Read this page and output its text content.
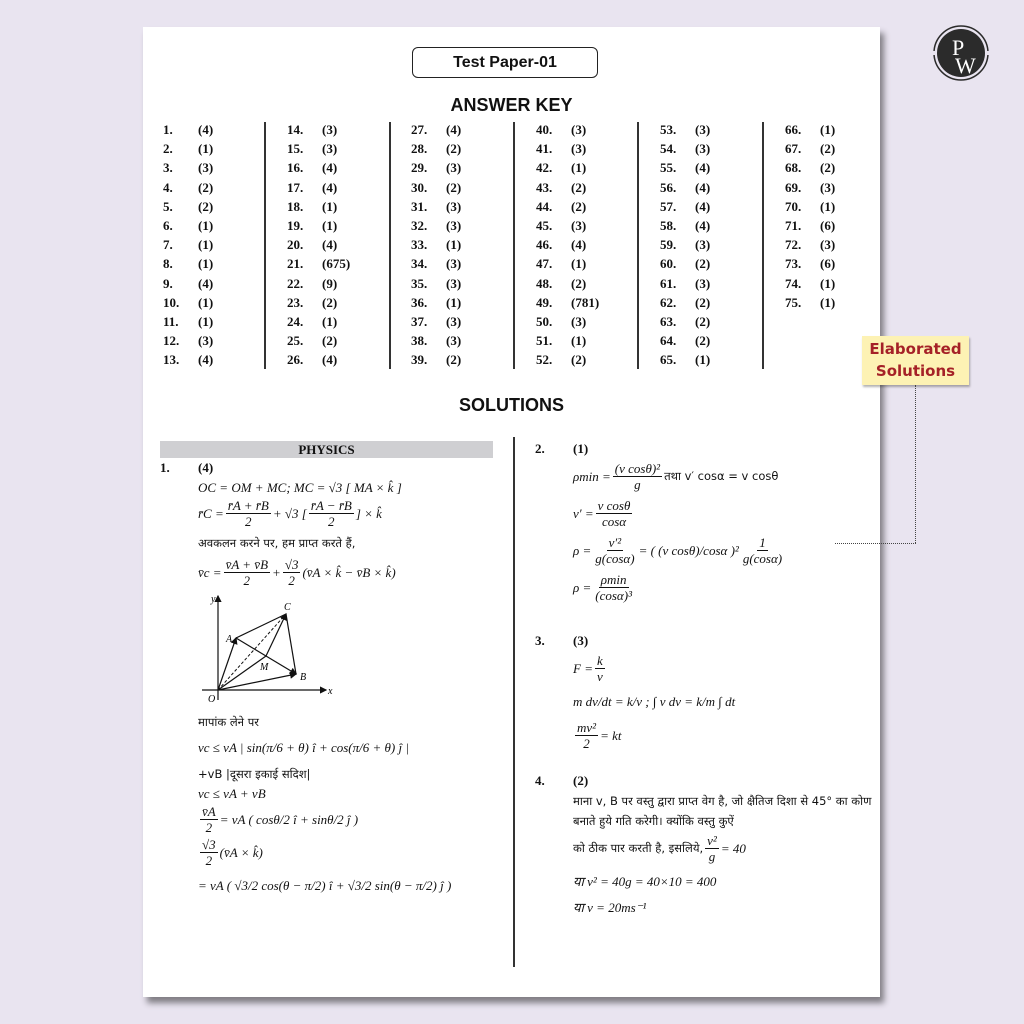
Test Paper-01
ANSWER KEY
1.	(4)
2.	(1)
3.	(3)
4.	(2)
5.	(2)
6.	(1)
7.	(1)
8.	(1)
9.	(4)
10.	(1)
11.	(1)
12.	(3)
13.	(4)
14.	(3)
15.	(3)
16.	(4)
17.	(4)
18.	(1)
19.	(1)
20.	(4)
21.	(675)
22.	(9)
23.	(2)
24.	(1)
25.	(2)
26.	(4)
27.	(4)
28.	(2)
29.	(3)
30.	(2)
31.	(3)
32.	(3)
33.	(1)
34.	(3)
35.	(3)
36.	(1)
37.	(3)
38.	(3)
39.	(2)
40.	(3)
41.	(3)
42.	(1)
43.	(2)
44.	(2)
45.	(3)
46.	(4)
47.	(1)
48.	(2)
49.	(781)
50.	(3)
51.	(1)
52.	(2)
53.	(3)
54.	(3)
55.	(4)
56.	(4)
57.	(4)
58.	(4)
59.	(3)
60.	(2)
61.	(3)
62.	(2)
63.	(2)
64.	(2)
65.	(1)
66.	(1)
67.	(2)
68.	(2)
69.	(3)
70.	(1)
71.	(6)
72.	(3)
73.	(6)
74.	(1)
75.	(1)
SOLUTIONS
PHYSICS
1.	(4)
OC = OM + MC; MC = √3 [ MA × k̂ ]
r̄C = $\frac{r̄A + r̄B}{2} + √3$ [ $\frac{r̄A - r̄B}{2}$ ] × k̂
अवकलन करने पर, हम प्राप्त करते हैं,
v̄c = $\frac{v̄A + v̄B}{2} + \frac{√3}{2}$ (v̄A × k̂ − v̄B × k̂)
y
x
O
A
B
C
M
मापांक लेने पर
vc ≤ vA | sin(π/6 + θ) î + cos(π/6 + θ) ĵ |
+vB |दूसरा इकाई सदिश|
vc ≤ vA + vB
$\frac{v̄A}{2}$ = vA ( cosθ/2 î + sinθ/2 ĵ )
$\frac{√3}{2}$ (v̄A × k̂)
= vA ( √3/2 cos(θ − π/2) î + √3/2 sin(θ − π/2) ĵ )
2.	(1)
$\rho\min = \frac{\text{(v cosθ)²}}{g}$ तथा v′ cosα = v cosθ
$v' = \frac{\text{v cosθ}}{\cos\alpha}$
$\rho = \frac{\text{v′²}}{g(\cos\alpha)}$ = ( (v cosθ)/cosα )$^2 \frac{1}{g(\cos\alpha)}$
$\rho = \frac{\rho\min}{\text{(cosα)³}}$
3.	(3)
$F = \frac{k}{v}$
m dv/dt = k/v ; ∫ v dv = k/m ∫ dt
$\frac{\text{mv²}}{2}$ = kt
4.	(2)
माना v, B पर वस्तु द्वारा प्राप्त वेग है, जो क्षैतिज दिशा से 45° का कोण बनाते हुये गति करेगी। क्योंकि वस्तु कुऐं
को ठीक पार करती है, इसलिये, $\frac{\text{v²}}{g} = 40$
या v² = 40g = 40×10 = 400
या v = 20ms⁻¹
P
W
Elaborated
Solutions
